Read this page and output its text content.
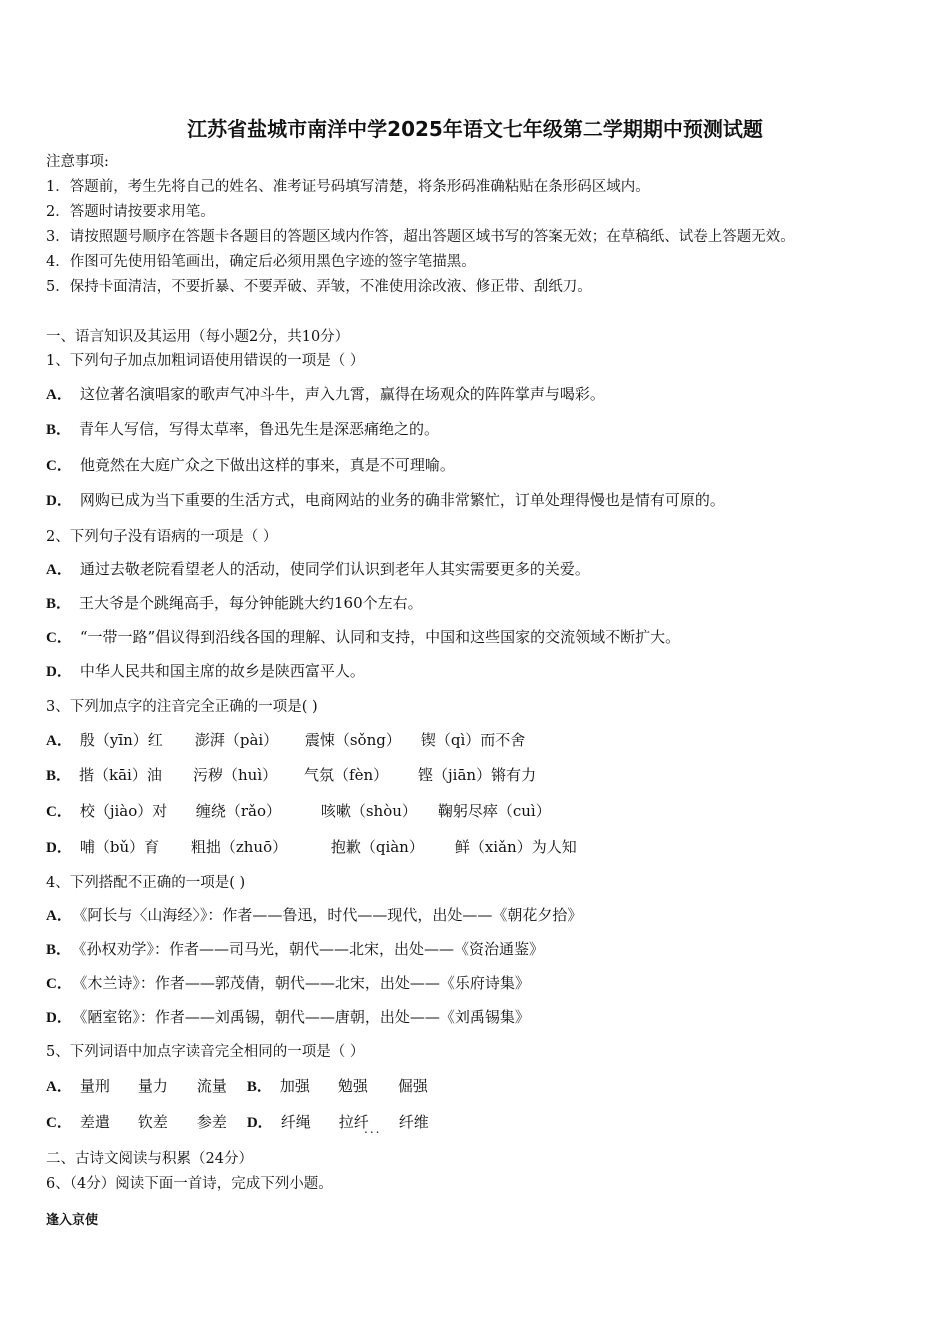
江苏省盐城市南洋中学2025年语文七年级第二学期期中预测试题
注意事项:
1．答题前，考生先将自己的姓名、准考证号码填写清楚，将条形码准确粘贴在条形码区域内。
2．答题时请按要求用笔。
3．请按照题号顺序在答题卡各题目的答题区域内作答，超出答题区域书写的答案无效；在草稿纸、试卷上答题无效。
4．作图可先使用铅笔画出，确定后必须用黑色字迹的签字笔描黑。
5．保持卡面清洁，不要折暴、不要弄破、弄皱，不准使用涂改液、修正带、刮纸刀。
一、语言知识及其运用（每小题2分，共10分）
1、下列句子加点加粗词语使用错误的一项是（ ）
A． 这位著名演唱家的歌声气冲斗牛，声入九霄，赢得在场观众的阵阵掌声与喝彩。
B． 青年人写信，写得太草率，鲁迅先生是深恶痛绝之的。
C． 他竟然在大庭广众之下做出这样的事来，真是不可理喻。
D． 网购已成为当下重要的生活方式，电商网站的业务的确非常繁忙，订单处理得慢也是情有可原的。
2、下列句子没有语病的一项是（ ）
A． 通过去敬老院看望老人的活动，使同学们认识到老年人其实需要更多的关爱。
B． 王大爷是个跳绳高手，每分钟能跳大约160个左右。
C． “一带一路”倡议得到沿线各国的理解、认同和支持，中国和这些国家的交流领域不断扩大。
D． 中华人民共和国主席的故乡是陕西富平人。
3、下列加点字的注音完全正确的一项是( )
A． 殷（yīn）红 澎湃（pài） 震悚（sǒng） 锲（qì）而不舍
B． 揩（kāi）油 污秽（huì） 气氛（fèn） 铿（jiān）锵有力
C． 校（jiào）对 缠绕（rǎo）	咳嗽（shòu） 鞠躬尽瘁（cuì）
D． 哺（bǔ）育 粗拙（zhuō）	抱歉（qiàn） 鲜（xiǎn）为人知
4、下列搭配不正确的一项是( )
A． 《阿长与〈山海经〉》：作者——鲁迅，时代——现代，出处——《朝花夕拾》
B． 《孙权劝学》：作者——司马光，朝代——北宋，出处——《资治通鉴》
C． 《木兰诗》：作者——郭茂倩，朝代——北宋，出处——《乐府诗集》
D． 《陋室铭》：作者——刘禹锡，朝代——唐朝，出处——《刘禹锡集》
5、下列词语中加点字读音完全相同的一项是（ ）
A． 量刑 量力 流量 B． 加强 勉强 倔强
C． 差遣 钦差 参差 D． 纤绳 拉纤 纤维
...
二、古诗文阅读与积累（24分）
6、（4分）阅读下面一首诗，完成下列小题。
逢入京使
